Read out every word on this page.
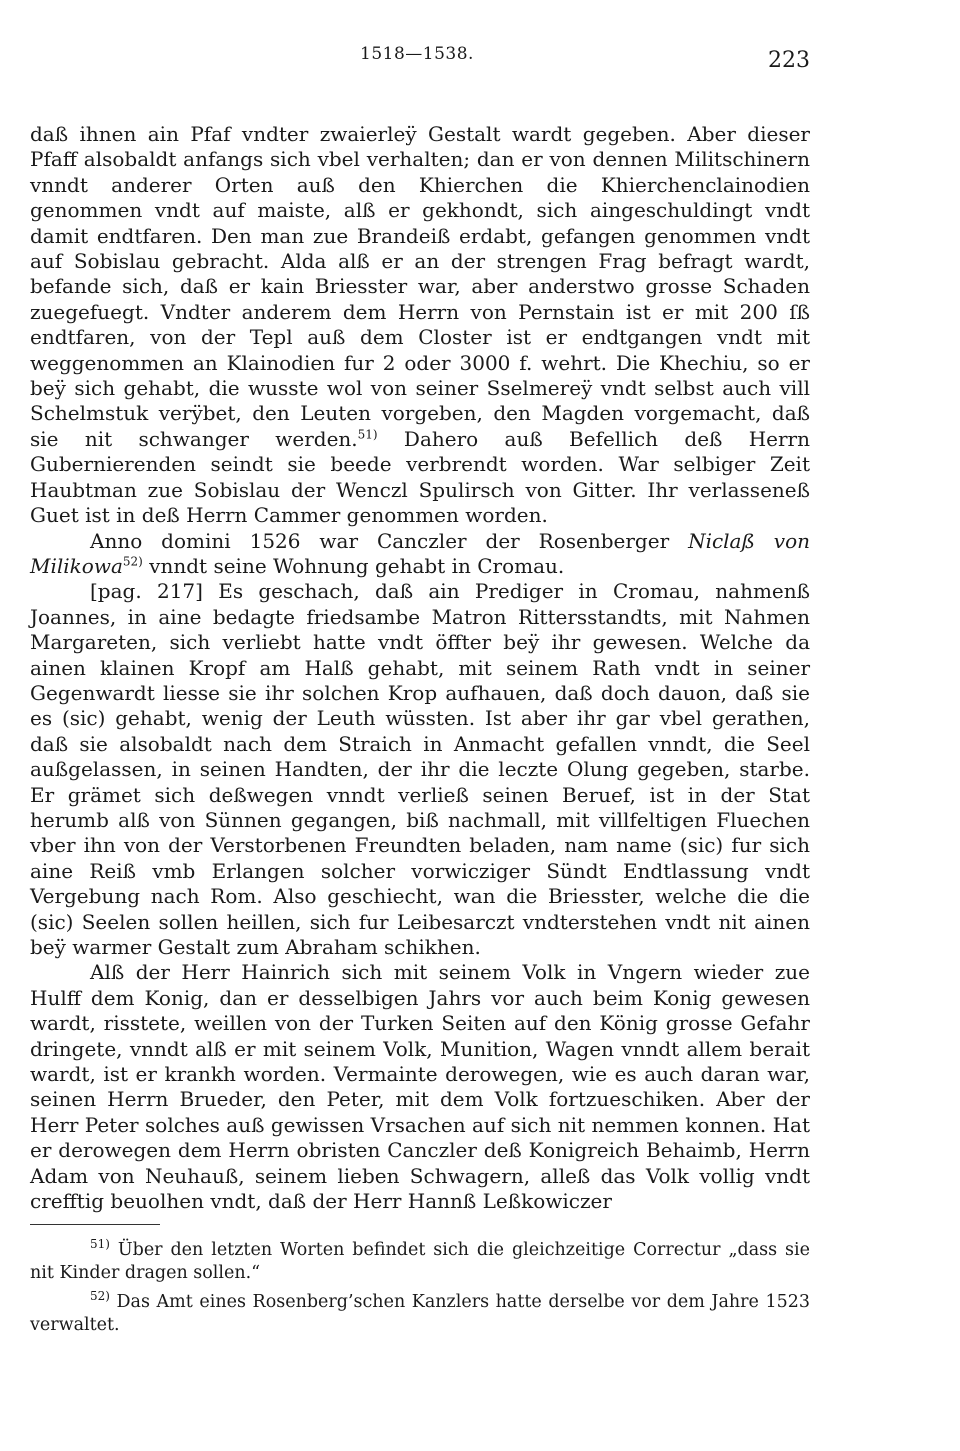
1518—1538.	223

daß ihnen ain Pfaf vndter zwaierleÿ Gestalt wardt gegeben. Aber dieser Pfaff alsobaldt anfangs sich vbel verhalten; dan er von dennen Militschinern vnndt anderer Orten auß den Khierchen die Khierchenclainodien genommen vndt auf maiste, alß er gekhondt, sich aingeschuldingt vndt damit endtfaren. Den man zue Brandeiß erdabt, gefangen genommen vndt auf Sobislau gebracht. Alda alß er an der strengen Frag befragt wardt, befande sich, daß er kain Briesster war, aber anderstwo grosse Schaden zuegefuegt. Vndter anderem dem Herrn von Pernstain ist er mit 200 ſß endtfaren, von der Tepl auß dem Closter ist er endtgangen vndt mit weggenommen an Klainodien fur 2 oder 3000 f. wehrt. Die Khechiu, so er beÿ sich gehabt, die wusste wol von seiner Sselmereÿ vndt selbst auch vill Schelmstuk verÿbet, den Leuten vorgeben, den Magden vorgemacht, daß sie nit schwanger werden.$^{51)}$ Dahero auß Befellich deß Herrn Gubernierenden seindt sie beede verbrendt worden. War selbiger Zeit Haubtman zue Sobislau der Wenczl Spulirsch von Gitter. Ihr verlasseneß Guet ist in deß Herrn Cammer genommen worden.

Anno domini 1526 war Canczler der Rosenberger Niclaß von Milikowa$^{52)}$ vnndt seine Wohnung gehabt in Cromau.

[pag. 217] Es geschach, daß ain Prediger in Cromau, nahmenß Joannes, in aine bedagte friedsambe Matron Rittersstandts, mit Nahmen Margareten, sich verliebt hatte vndt öffter beÿ ihr gewesen. Welche da ainen klainen Kropf am Halß gehabt, mit seinem Rath vndt in seiner Gegenwardt liesse sie ihr solchen Krop aufhauen, daß doch dauon, daß sie es (sic) gehabt, wenig der Leuth wüssten. Ist aber ihr gar vbel gerathen, daß sie alsobaldt nach dem Straich in Anmacht gefallen vnndt, die Seel außgelassen, in seinen Handten, der ihr die leczte Olung gegeben, starbe. Er grämet sich deßwegen vnndt verließ seinen Beruef, ist in der Stat herumb alß von Sünnen gegangen, biß nachmall, mit villfeltigen Fluechen vber ihn von der Verstorbenen Freundten beladen, nam name (sic) fur sich aine Reiß vmb Erlangen solcher vorwicziger Sündt Endtlassung vndt Vergebung nach Rom. Also geschiecht, wan die Briesster, welche die die (sic) Seelen sollen heillen, sich fur Leibesarczt vndterstehen vndt nit ainen beÿ warmer Gestalt zum Abraham schikhen.

Alß der Herr Hainrich sich mit seinem Volk in Vngern wieder zue Hulff dem Konig, dan er desselbigen Jahrs vor auch beim Konig gewesen wardt, risstete, weillen von der Turken Seiten auf den König grosse Gefahr dringete, vnndt alß er mit seinem Volk, Munition, Wagen vnndt allem berait wardt, ist er krankh worden. Vermainte derowegen, wie es auch daran war, seinen Herrn Brueder, den Peter, mit dem Volk fortzueschiken. Aber der Herr Peter solches auß gewissen Vrsachen auf sich nit nemmen konnen. Hat er derowegen dem Herrn obristen Canczler deß Konigreich Behaimb, Herrn Adam von Neuhauß, seinem lieben Schwagern, alleß das Volk vollig vndt crefftig beuolhen vndt, daß der Herr Hannß Leßkowiczer

$^{51)}$ Über den letzten Worten befindet sich die gleichzeitige Correctur „dass sie nit Kinder dragen sollen.“

$^{52)}$ Das Amt eines Rosenberg’schen Kanzlers hatte derselbe vor dem Jahre 1523 verwaltet.
